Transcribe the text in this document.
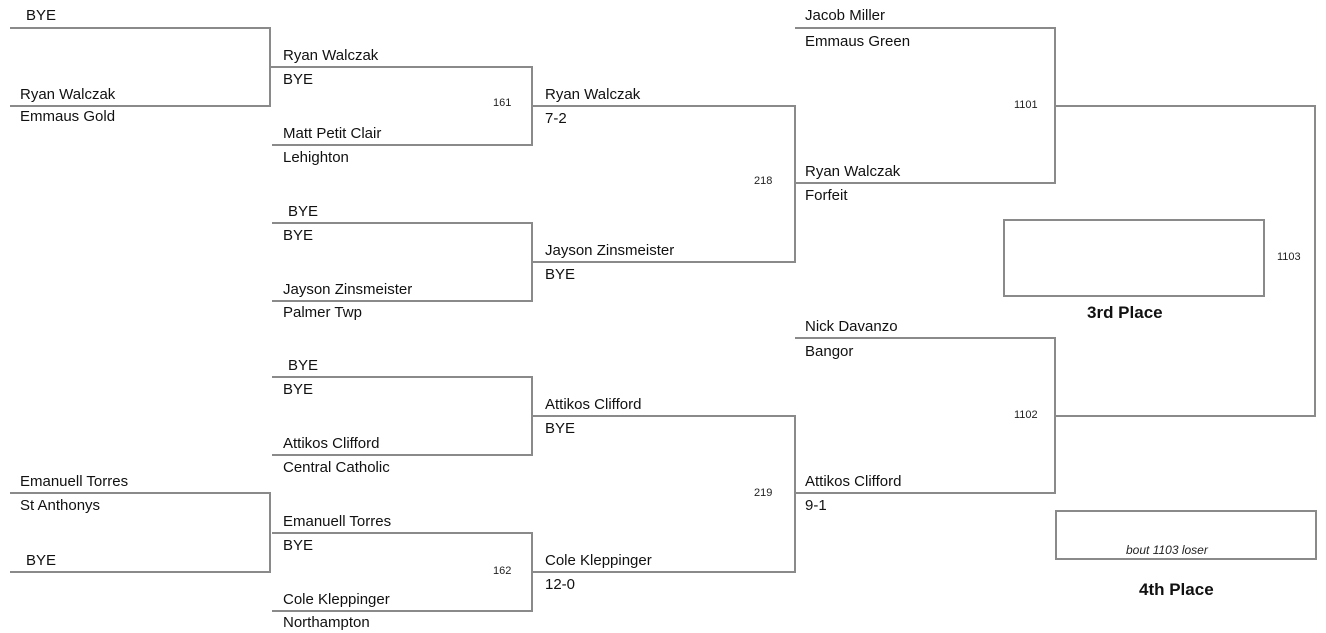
BYE
Ryan Walczak
Emmaus Gold
Emanuell Torres
St Anthonys
BYE
Ryan Walczak
BYE
Matt Petit Clair
Lehighton
BYE
BYE
Jayson Zinsmeister
Palmer Twp
BYE
BYE
Attikos Clifford
Central Catholic
Emanuell Torres
BYE
Cole Kleppinger
Northampton
161
162
218
219
1101
1102
1103
Ryan Walczak
7-2
Jayson Zinsmeister
BYE
Attikos Clifford
BYE
Cole Kleppinger
12-0
Jacob Miller
Emmaus Green
Ryan Walczak
Forfeit
Nick Davanzo
Bangor
Attikos Clifford
9-1
3rd Place
bout 1103 loser
4th Place
